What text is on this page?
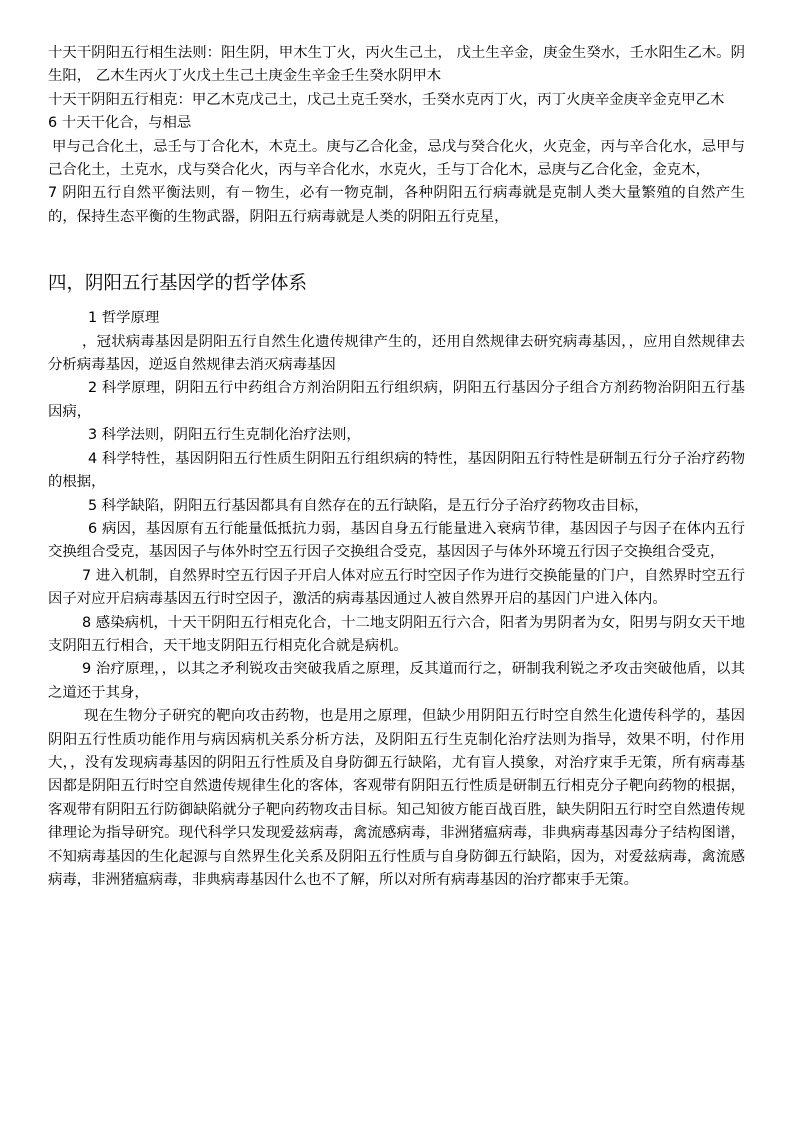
十天干阴阳五行相生法则：阳生阴，甲木生丁火，丙火生己土， 戊土生辛金，庚金生癸水，壬水阳生乙木。阴生阳， 乙木生丙火丁火戊土生己土庚金生辛金壬生癸水阴甲木

十天干阴阳五行相克：甲乙木克戊己土，戊己土克壬癸水，壬癸水克丙丁火，丙丁火庚辛金庚辛金克甲乙木

6 十天干化合，与相忌

甲与己合化土，忌壬与丁合化木，木克土。庚与乙合化金，忌戊与癸合化火，火克金，丙与辛合化水，忌甲与己合化土，土克水，戊与癸合化火，丙与辛合化水，水克火，壬与丁合化木，忌庚与乙合化金，金克木，

7 阴阳五行自然平衡法则，有－物生，必有一物克制，各种阴阳五行病毒就是克制人类大量繁殖的自然产生的，保持生态平衡的生物武器，阴阳五行病毒就是人类的阴阳五行克星，

四，阴阳五行基因学的哲学体系

1 哲学原理

，冠状病毒基因是阴阳五行自然生化遗传规律产生的，还用自然规律去研究病毒基因，，应用自然规律去分析病毒基因，逆返自然规律去消灭病毒基因

2 科学原理，阴阳五行中药组合方剂治阴阳五行组织病，阴阳五行基因分子组合方剂药物治阴阳五行基因病，

3 科学法则，阴阳五行生克制化治疗法则，

4 科学特性，基因阴阳五行性质生阴阳五行组织病的特性，基因阴阳五行特性是研制五行分子治疗药物的根据，

5 科学缺陷，阴阳五行基因都具有自然存在的五行缺陷，是五行分子治疗药物攻击目标，

6 病因，基因原有五行能量低抵抗力弱，基因自身五行能量进入衰病节律，基因因子与因子在体内五行交换组合受克，基因因子与体外时空五行因子交换组合受克，基因因子与体外环境五行因子交换组合受克，

7 进入机制，自然界时空五行因子开启人体对应五行时空因子作为进行交换能量的门户，自然界时空五行因子对应开启病毒基因五行时空因子，激活的病毒基因通过人被自然界开启的基因门户进入体内。

8 感染病机，十天干阴阳五行相克化合，十二地支阴阳五行六合，阳者为男阴者为女，阳男与阴女天干地支阴阳五行相合，天干地支阴阳五行相克化合就是病机。

9 治疗原理，，以其之矛利锐攻击突破我盾之原理，反其道而行之，研制我利锐之矛攻击突破他盾，以其之道还于其身，

现在生物分子研究的靶向攻击药物，也是用之原理，但缺少用阴阳五行时空自然生化遗传科学的，基因阴阳五行性质功能作用与病因病机关系分析方法，及阴阳五行生克制化治疗法则为指导，效果不明，付作用大，，没有发现病毒基因的阴阳五行性质及自身防御五行缺陷，尤有盲人摸象，对治疗束手无策，所有病毒基因都是阴阳五行时空自然遗传规律生化的客体，客观带有阴阳五行性质是研制五行相克分子靶向药物的根据，客观带有阴阳五行防御缺陷就分子靶向药物攻击目标。知己知彼方能百战百胜，缺失阴阳五行时空自然遗传规律理论为指导研究。现代科学只发现爱兹病毒，禽流感病毒，非洲猪瘟病毒，非典病毒基因毒分子结构图谱，不知病毒基因的生化起源与自然界生化关系及阴阳五行性质与自身防御五行缺陷，因为，对爱兹病毒，禽流感病毒，非洲猪瘟病毒，非典病毒基因什么也不了解，所以对所有病毒基因的治疗都束手无策。
